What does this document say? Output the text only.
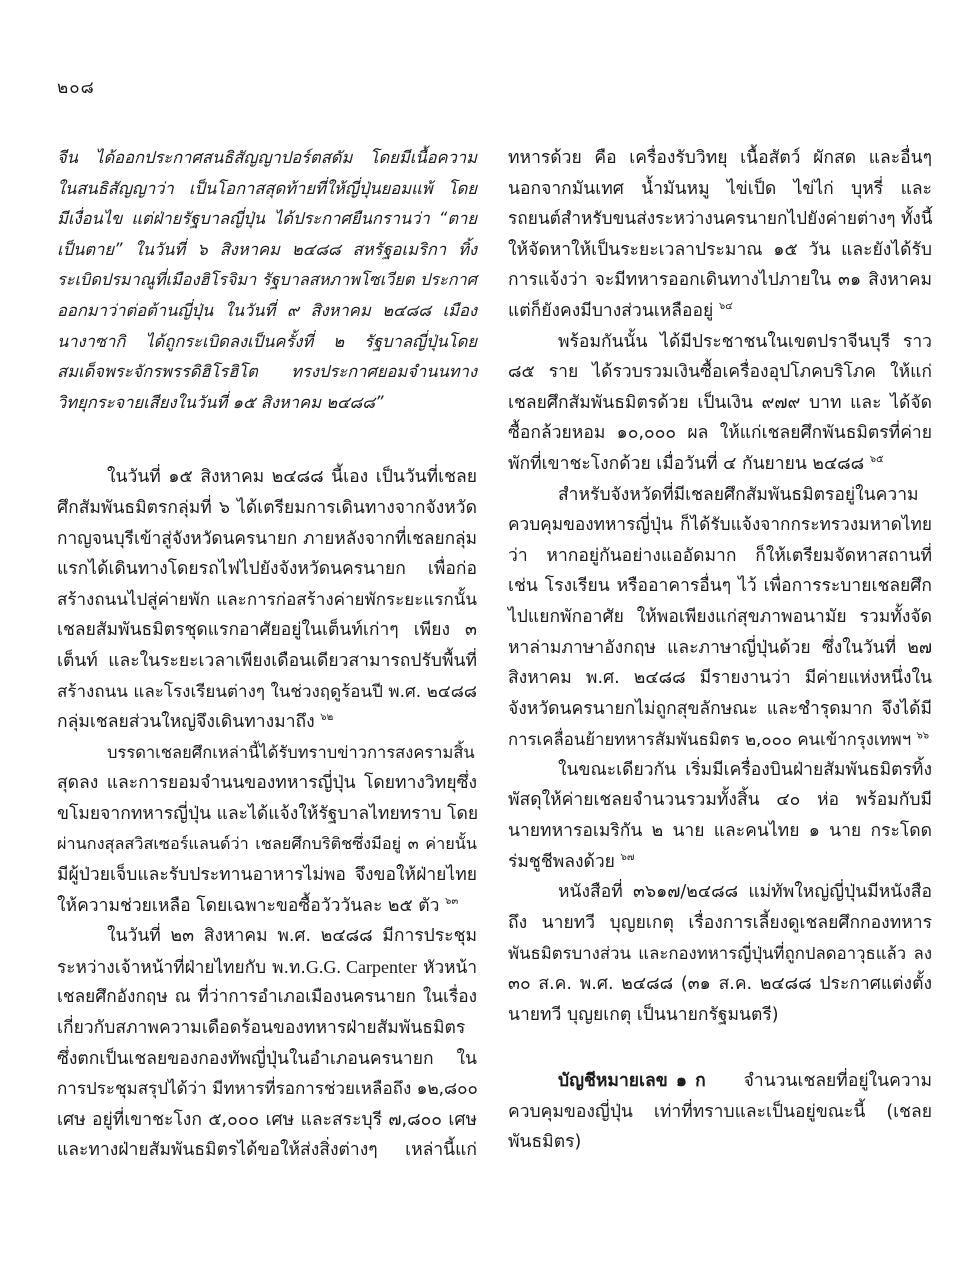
๒๐๘
จีน ได้ออกประกาศสนธิสัญญาปอร์ตสดัม โดยมีเนื้อความ
ในสนธิสัญญาว่า เป็นโอกาสสุดท้ายที่ให้ญี่ปุ่นยอมแพ้ โดย
มีเงื่อนไข แต่ฝ่ายรัฐบาลญี่ปุ่น ได้ประกาศยืนกรานว่า “ตาย
เป็นตาย” ในวันที่ ๖ สิงหาคม ๒๔๘๘ สหรัฐอเมริกา ทิ้ง
ระเบิดปรมาณูที่เมืองฮิโรจิมา รัฐบาลสหภาพโซเวียต ประกาศ
ออกมาว่าต่อต้านญี่ปุ่น ในวันที่ ๙ สิงหาคม ๒๔๘๘ เมือง
นางาซากิ ได้ถูกระเบิดลงเป็นครั้งที่ ๒ รัฐบาลญี่ปุ่นโดย
สมเด็จพระจักรพรรดิฮิโรฮิโต ทรงประกาศยอมจำนนทาง
วิทยุกระจายเสียงในวันที่ ๑๕ สิงหาคม ๒๔๘๘”
ในวันที่ ๑๕ สิงหาคม ๒๔๘๘ นี้เอง เป็นวันที่เชลย
ศึกสัมพันธมิตรกลุ่มที่ ๖ ได้เตรียมการเดินทางจากจังหวัด
กาญจนบุรีเข้าสู่จังหวัดนครนายก ภายหลังจากที่เชลยกลุ่ม
แรกได้เดินทางโดยรถไฟไปยังจังหวัดนครนายก เพื่อก่อ
สร้างถนนไปสู่ค่ายพัก และการก่อสร้างค่ายพักระยะแรกนั้น
เชลยสัมพันธมิตรชุดแรกอาศัยอยู่ในเต็นท์เก่าๆ เพียง ๓
เต็นท์ และในระยะเวลาเพียงเดือนเดียวสามารถปรับพื้นที่
สร้างถนน และโรงเรียนต่างๆ ในช่วงฤดูร้อนปี พ.ศ. ๒๔๘๘
กลุ่มเชลยส่วนใหญ่จึงเดินทางมาถึง $^{๖๒}$
บรรดาเชลยศึกเหล่านี้ได้รับทราบข่าวการสงครามสิ้น
สุดลง และการยอมจำนนของทหารญี่ปุ่น โดยทางวิทยุซึ่ง
ขโมยจากทหารญี่ปุ่น และได้แจ้งให้รัฐบาลไทยทราบ โดย
ผ่านกงสุลสวิสเซอร์แลนด์ว่า เชลยศึกบริติชซึ่งมีอยู่ ๓ ค่ายนั้น
มีผู้ป่วยเจ็บและรับประทานอาหารไม่พอ จึงขอให้ฝ่ายไทย
ให้ความช่วยเหลือ โดยเฉพาะขอซื้อวัววันละ ๒๕ ตัว $^{๖๓}$
ในวันที่ ๒๓ สิงหาคม พ.ศ. ๒๔๘๘ มีการประชุม
ระหว่างเจ้าหน้าที่ฝ่ายไทยกับ พ.ท.G.G. Carpenter หัวหน้า
เชลยศึกอังกฤษ ณ ที่ว่าการอำเภอเมืองนครนายก ในเรื่อง
เกี่ยวกับสภาพความเดือดร้อนของทหารฝ่ายสัมพันธมิตร
ซึ่งตกเป็นเชลยของกองทัพญี่ปุ่นในอำเภอนครนายก ใน
การประชุมสรุปได้ว่า มีทหารที่รอการช่วยเหลือถึง ๑๒,๘๐๐
เศษ อยู่ที่เขาชะโงก ๕,๐๐๐ เศษ และสระบุรี ๗,๘๐๐ เศษ
และทางฝ่ายสัมพันธมิตรได้ขอให้ส่งสิ่งต่างๆ เหล่านี้แก่
ทหารด้วย คือ เครื่องรับวิทยุ เนื้อสัตว์ ผักสด และอื่นๆ
นอกจากมันเทศ น้ำมันหมู ไข่เป็ด ไข่ไก่ บุหรี่ และ
รถยนต์สำหรับขนส่งระหว่างนครนายกไปยังค่ายต่างๆ ทั้งนี้
ให้จัดหาให้เป็นระยะเวลาประมาณ ๑๕ วัน และยังได้รับ
การแจ้งว่า จะมีทหารออกเดินทางไปภายใน ๓๑ สิงหาคม
แต่ก็ยังคงมีบางส่วนเหลืออยู่ $^{๖๔}$
พร้อมกันนั้น ได้มีประชาชนในเขตปราจีนบุรี ราว
๘๕ ราย ได้รวบรวมเงินซื้อเครื่องอุปโภคบริโภค ให้แก่
เชลยศึกสัมพันธมิตรด้วย เป็นเงิน ๙๗๙ บาท และ ได้จัด
ซื้อกล้วยหอม ๑๐,๐๐๐ ผล ให้แก่เชลยศึกพันธมิตรที่ค่าย
พักที่เขาชะโงกด้วย เมื่อวันที่ ๔ กันยายน ๒๔๘๘ $^{๖๕}$
สำหรับจังหวัดที่มีเชลยศึกสัมพันธมิตรอยู่ในความ
ควบคุมของทหารญี่ปุ่น ก็ได้รับแจ้งจากกระทรวงมหาดไทย
ว่า หากอยู่กันอย่างแออัดมาก ก็ให้เตรียมจัดหาสถานที่
เช่น โรงเรียน หรืออาคารอื่นๆ ไว้ เพื่อการระบายเชลยศึก
ไปแยกพักอาศัย ให้พอเพียงแก่สุขภาพอนามัย รวมทั้งจัด
หาล่ามภาษาอังกฤษ และภาษาญี่ปุ่นด้วย ซึ่งในวันที่ ๒๗
สิงหาคม พ.ศ. ๒๔๘๘ มีรายงานว่า มีค่ายแห่งหนึ่งใน
จังหวัดนครนายกไม่ถูกสุขลักษณะ และชำรุดมาก จึงได้มี
การเคลื่อนย้ายทหารสัมพันธมิตร ๒,๐๐๐ คนเข้ากรุงเทพฯ $^{๖๖}$
ในขณะเดียวกัน เริ่มมีเครื่องบินฝ่ายสัมพันธมิตรทิ้ง
พัสดุให้ค่ายเชลยจำนวนรวมทั้งสิ้น ๔๐ ห่อ พร้อมกับมี
นายทหารอเมริกัน ๒ นาย และคนไทย ๑ นาย กระโดด
ร่มชูชีพลงด้วย $^{๖๗}$
หนังสือที่ ๓๖๑๗/๒๔๘๘ แม่ทัพใหญ่ญี่ปุ่นมีหนังสือ
ถึง นายทวี บุญยเกตุ เรื่องการเลี้ยงดูเชลยศึกกองทหาร
พันธมิตรบางส่วน และกองทหารญี่ปุ่นที่ถูกปลดอาวุธแล้ว ลง
๓๐ ส.ค. พ.ศ. ๒๔๘๘ (๓๑ ส.ค. ๒๔๘๘ ประกาศแต่งตั้ง
นายทวี บุญยเกตุ เป็นนายกรัฐมนตรี)
บัญชีหมายเลข ๑ ก จำนวนเชลยที่อยู่ในความ
ควบคุมของญี่ปุ่น เท่าที่ทราบและเป็นอยู่ขณะนี้ (เชลย
พันธมิตร)
